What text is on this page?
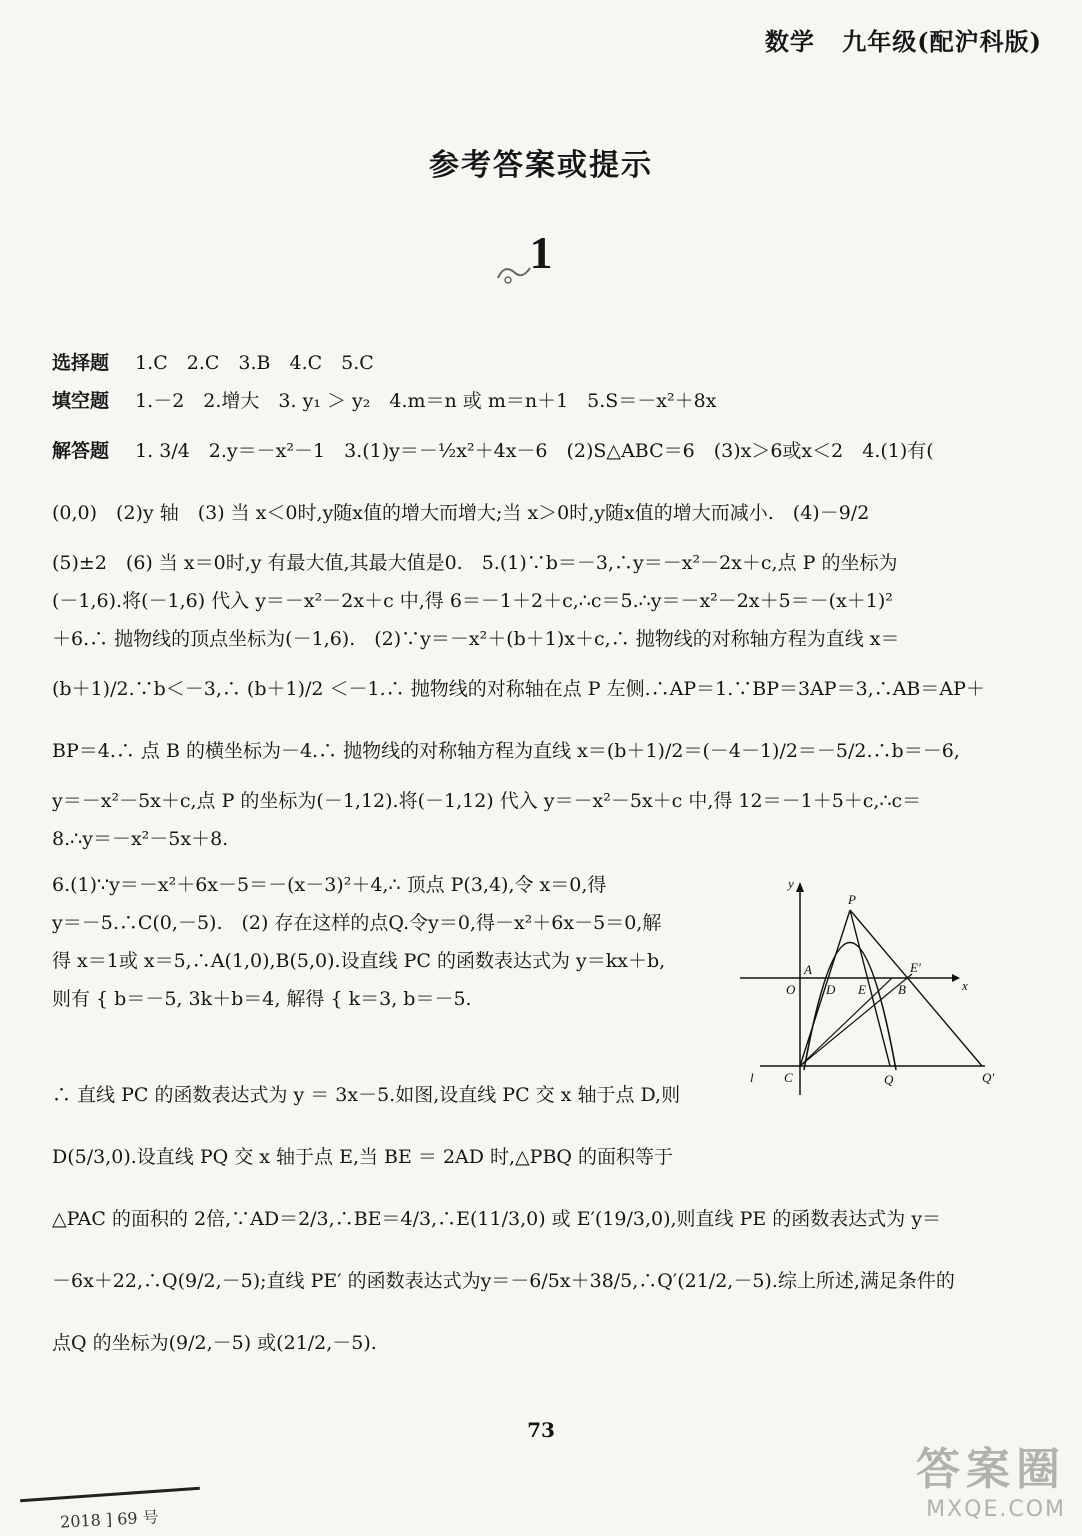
数学 九年级(配沪科版)
参考答案或提示
1
选择题 1.C　2.C　3.B　4.C　5.C
填空题 1.－2　2.增大　3. y₁ ＞ y₂　4.m＝n 或 m＝n＋1　5.S＝－x²＋8x
解答题 1. 3/4　2.y＝－x²－1　3.(1)y＝－½x²＋4x－6　(2)S△ABC＝6　(3)x＞6或x＜2　4.(1)有(
(0,0)　(2)y 轴　(3) 当 x＜0时,y随x值的增大而增大;当 x＞0时,y随x值的增大而减小.　(4)－9/2
(5)±2　(6) 当 x＝0时,y 有最大值,其最大值是0.　5.(1)∵b＝－3,∴y＝－x²－2x＋c,点 P 的坐标为
(－1,6).将(－1,6) 代入 y＝－x²－2x＋c 中,得 6＝－1＋2＋c,∴c＝5.∴y＝－x²－2x＋5＝－(x＋1)²
＋6.∴ 抛物线的顶点坐标为(－1,6).　(2)∵y＝－x²＋(b＋1)x＋c,∴ 抛物线的对称轴方程为直线 x＝
(b＋1)/2.∵b＜－3,∴ (b＋1)/2 ＜－1.∴ 抛物线的对称轴在点 P 左侧.∴AP＝1.∵BP＝3AP＝3,∴AB＝AP＋
BP＝4.∴ 点 B 的横坐标为－4.∴ 抛物线的对称轴方程为直线 x＝(b＋1)/2＝(－4－1)/2＝－5/2.∴b＝－6,
y＝－x²－5x＋c,点 P 的坐标为(－1,12).将(－1,12) 代入 y＝－x²－5x＋c 中,得 12＝－1＋5＋c,∴c＝
8.∴y＝－x²－5x＋8.
6.(1)∵y＝－x²＋6x－5＝－(x－3)²＋4,∴ 顶点 P(3,4),令 x＝0,得
y＝－5.∴C(0,－5).　(2) 存在这样的点Q.令y＝0,得－x²＋6x－5＝0,解
得 x＝1或 x＝5,∴A(1,0),B(5,0).设直线 PC 的函数表达式为 y＝kx＋b,
则有 { b＝－5, 3k＋b＝4, 解得 { k＝3, b＝－5.
y
x
P
A
D E
E′
B
O
C	Q	Q′
l
∴ 直线 PC 的函数表达式为 y ＝ 3x－5.如图,设直线 PC 交 x 轴于点 D,则
D(5/3,0).设直线 PQ 交 x 轴于点 E,当 BE ＝ 2AD 时,△PBQ 的面积等于
△PAC 的面积的 2倍,∵AD＝2/3,∴BE＝4/3,∴E(11/3,0) 或 E′(19/3,0),则直线 PE 的函数表达式为 y＝
－6x＋22,∴Q(9/2,－5);直线 PE′ 的函数表达式为y＝－6/5x＋38/5,∴Q′(21/2,－5).综上所述,满足条件的
点Q 的坐标为(9/2,－5) 或(21/2,－5).
73
2018 ] 69 号
答案圈
MXQE.COM
